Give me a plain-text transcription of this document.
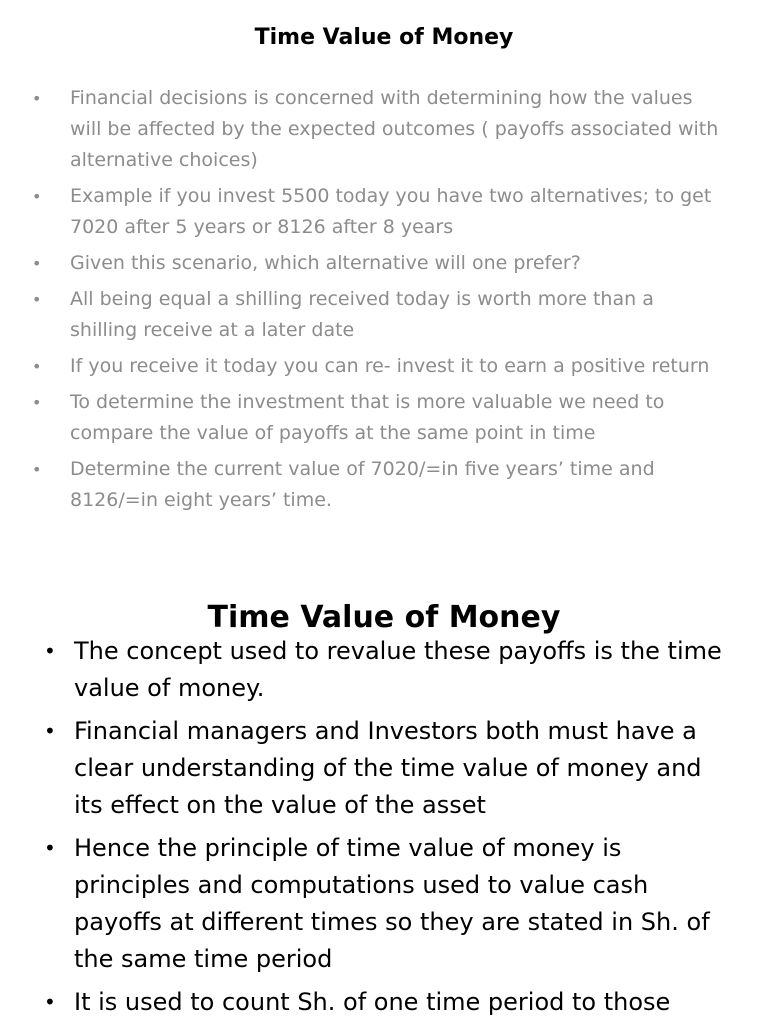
Time Value of Money
• Financial decisions is concerned with determining how the values will be affected by the expected outcomes ( payoffs associated with alternative choices)
• Example if you invest 5500 today you have two alternatives; to get 7020 after 5 years or 8126 after 8 years
• Given this scenario, which alternative will one prefer?
• All being equal a shilling received today is worth more than a shilling receive at a later date
• If you receive it today you can re- invest it to earn a positive return
• To determine the investment that is more valuable we need to compare the value of payoffs at the same point in time
• Determine the current value of 7020/=in five years’ time and 8126/=in eight years’ time.
Time Value of Money
• The concept used to revalue these payoffs is the time value of money.
• Financial managers and Investors both must have a clear understanding of the time value of money and its effect on the value of the asset
• Hence the principle of time value of money is principles and computations used to value cash payoffs at different times so they are stated in Sh. of the same time period
• It is used to count Sh. of one time period to those
